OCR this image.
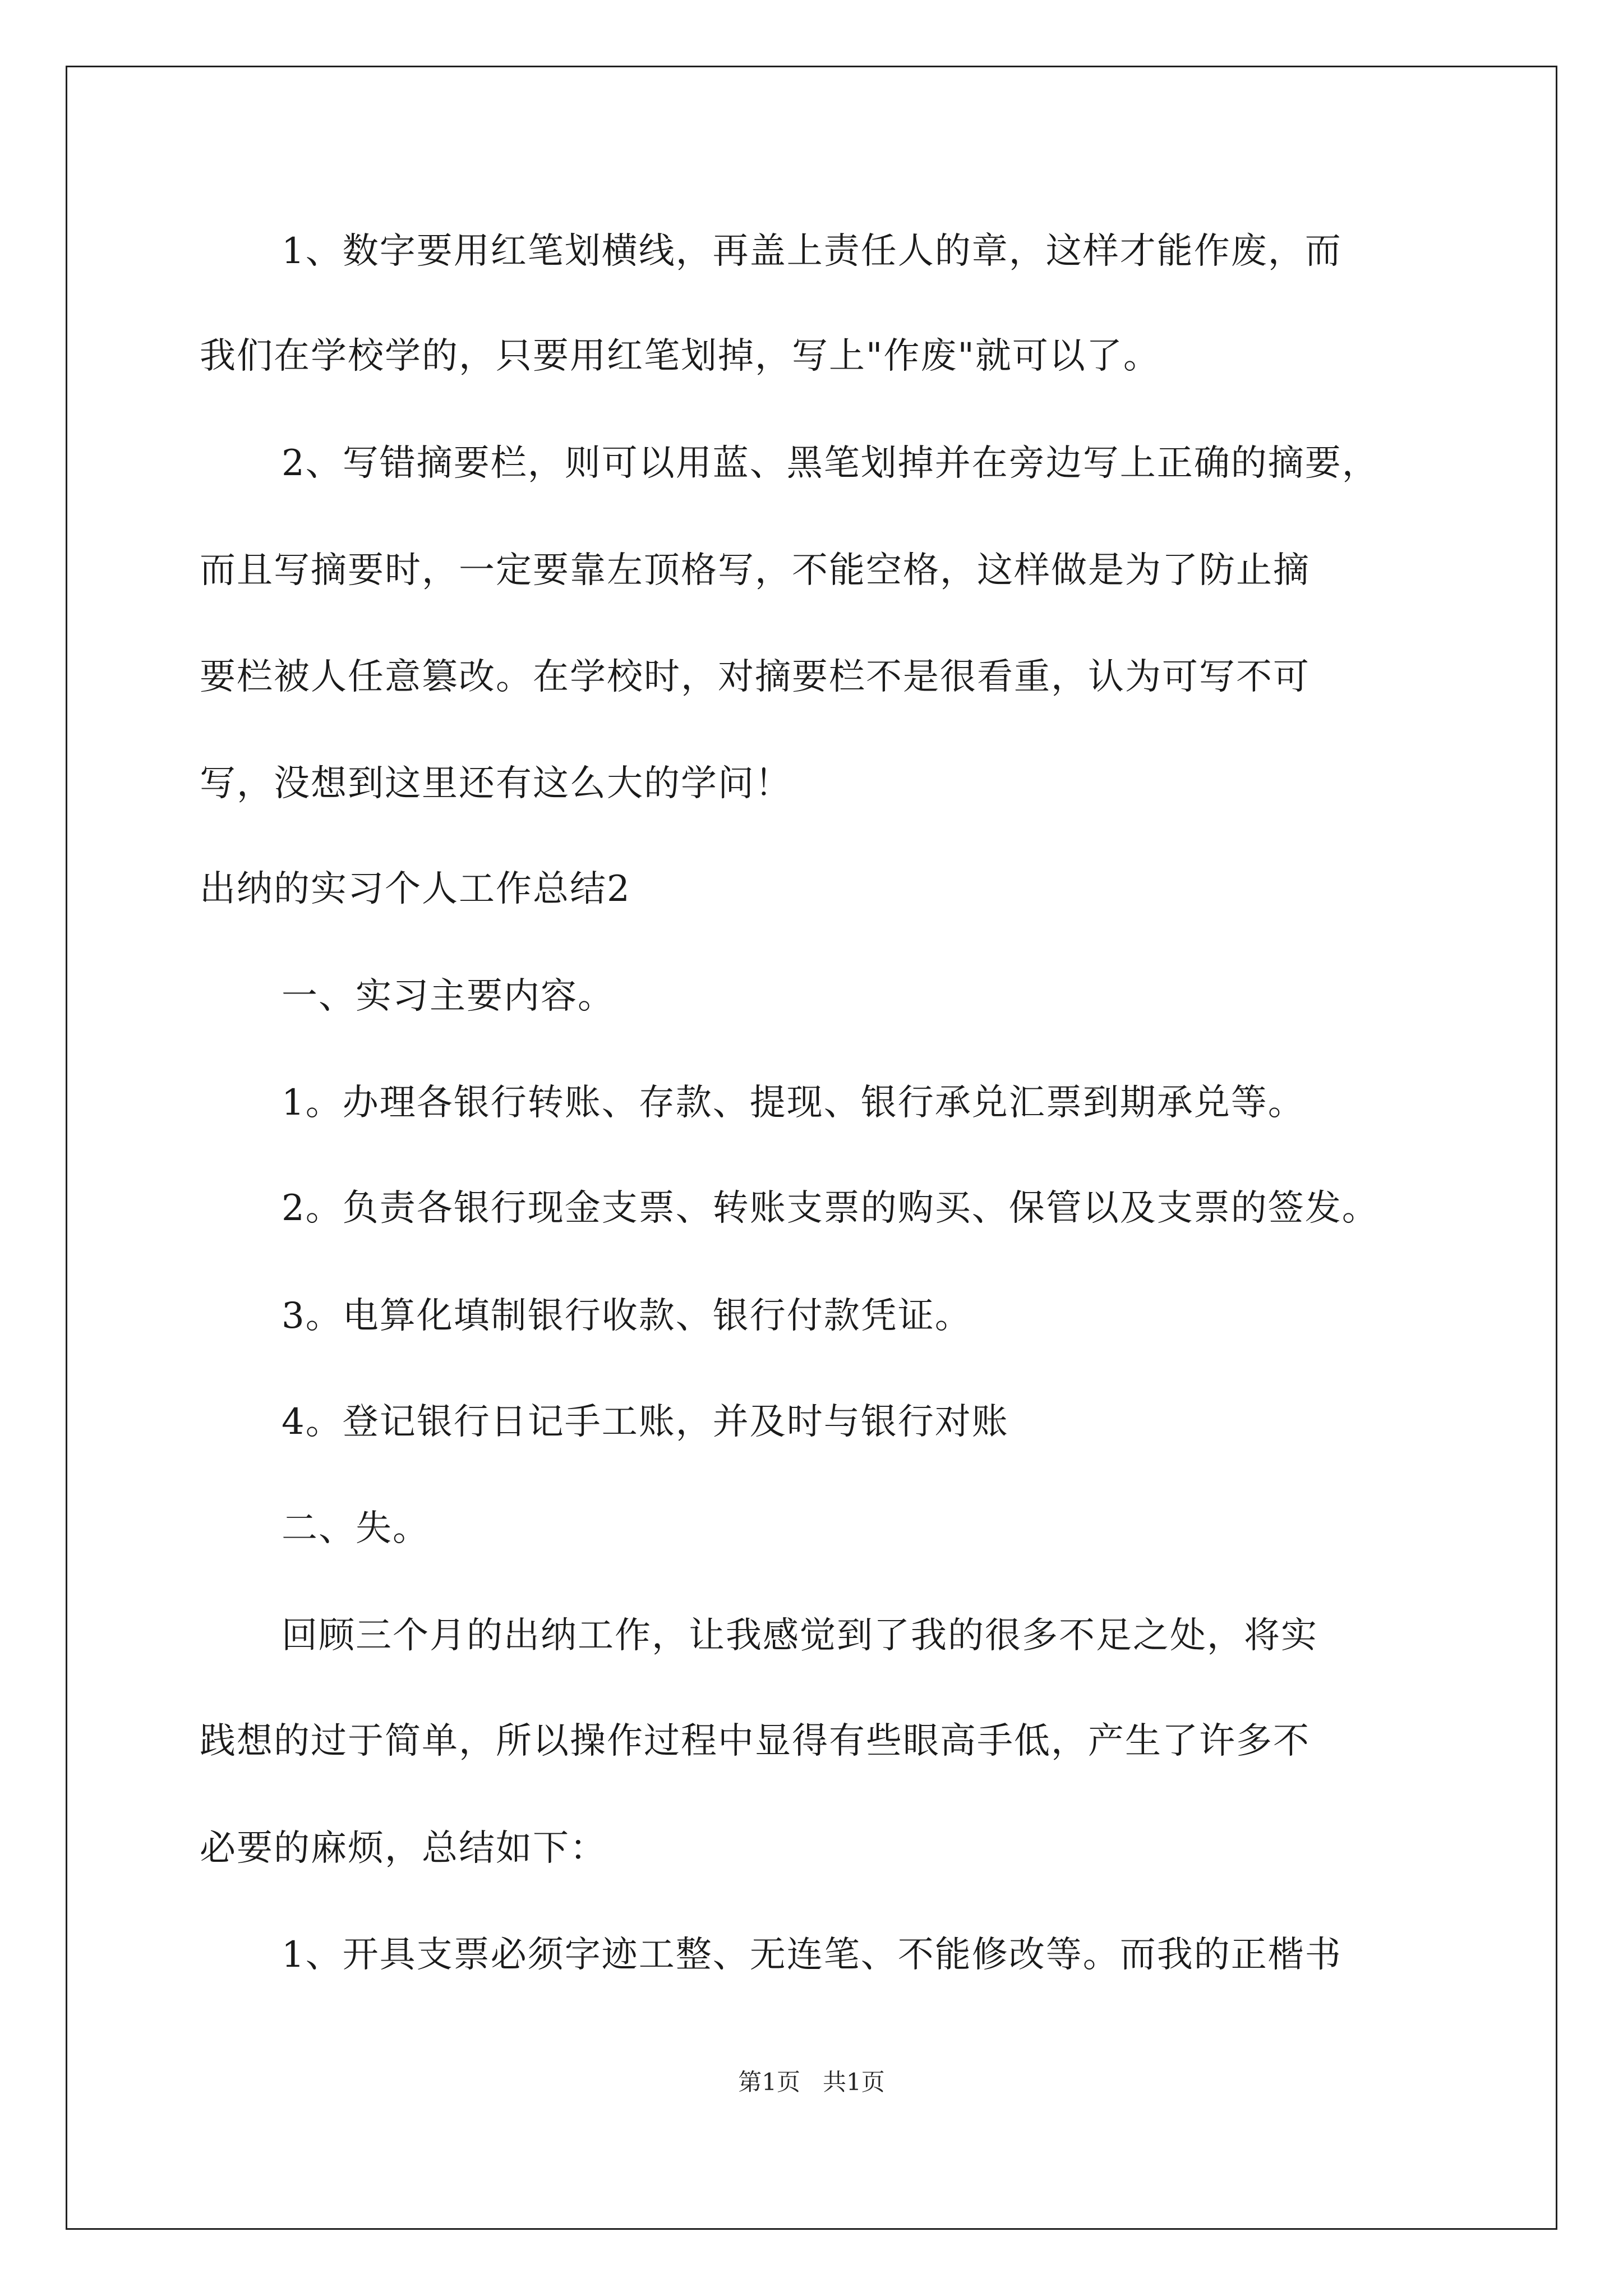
1、数字要用红笔划横线，再盖上责任人的章，这样才能作废，而
我们在学校学的，只要用红笔划掉，写上"作废"就可以了。
2、写错摘要栏，则可以用蓝、黑笔划掉并在旁边写上正确的摘要，
而且写摘要时，一定要靠左顶格写，不能空格，这样做是为了防止摘
要栏被人任意篡改。在学校时，对摘要栏不是很看重，认为可写不可
写，没想到这里还有这么大的学问！
出纳的实习个人工作总结2
一、实习主要内容。
1。办理各银行转账、存款、提现、银行承兑汇票到期承兑等。
2。负责各银行现金支票、转账支票的购买、保管以及支票的签发。
3。电算化填制银行收款、银行付款凭证。
4。登记银行日记手工账，并及时与银行对账
二、失。
回顾三个月的出纳工作，让我感觉到了我的很多不足之处，将实
践想的过于简单，所以操作过程中显得有些眼高手低，产生了许多不
必要的麻烦，总结如下：
1、开具支票必须字迹工整、无连笔、不能修改等。而我的正楷书
第1页   共1页
